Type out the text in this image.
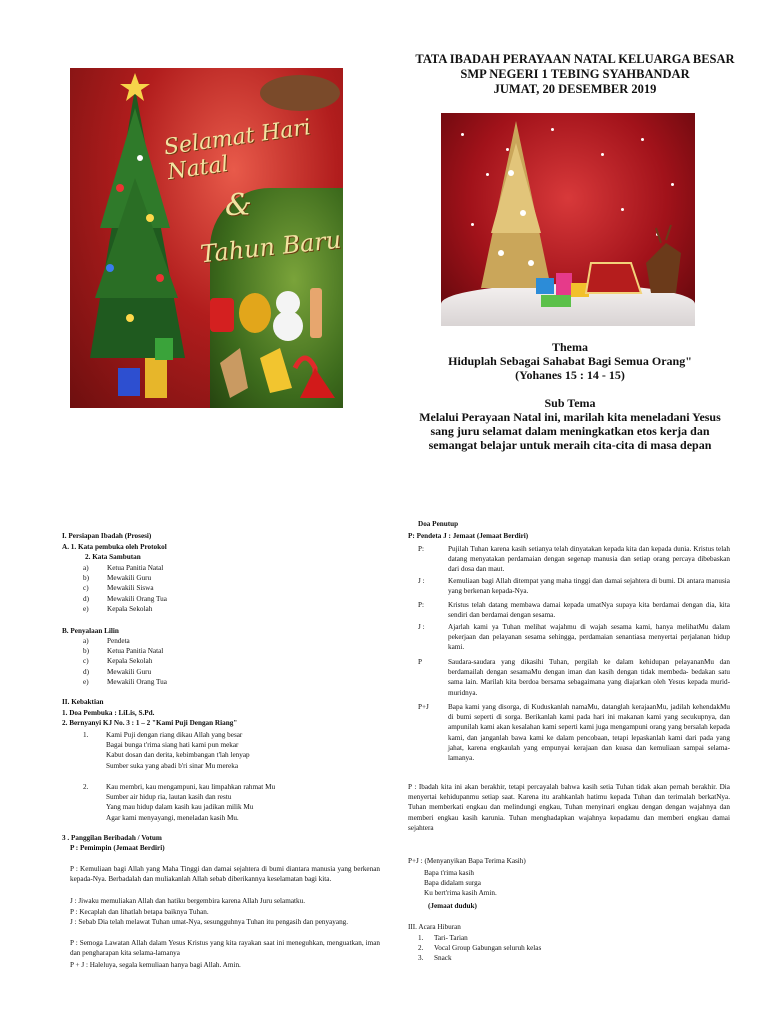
TATA IBADAH PERAYAAN NATAL KELUARGA BESAR
SMP NEGERI 1 TEBING SYAHBANDAR
JUMAT, 20 DESEMBER 2019
Selamat Hari Natal
&
Tahun Baru
Thema
Hiduplah Sebagai Sahabat Bagi Semua Orang"
(Yohanes 15 : 14 - 15)
Sub Tema
Melalui Perayaan Natal ini, marilah kita meneladani Yesus
sang juru selamat dalam meningkatkan etos kerja dan
semangat belajar untuk meraih cita-cita di masa depan
I. Persiapan Ibadah (Prosesi)
A. 1. Kata pembuka oleh Protokol
2. Kata Sambutan
a)	Ketua Panitia Natal
b)	Mewakili Guru
c)	Mewakili Siswa
d)	Mewakili Orang Tua
e)	Kepala Sekolah
B. Penyalaan Lilin
a)	Pendeta
b)	Ketua Panitia Natal
c)	Kepala Sekolah
d)	Mewakili Guru
e)	Mewakili Orang Tua
II. Kebaktian
1. Doa Pembuka : LiLis, S.Pd.
2. Bernyanyi KJ No. 3 : 1 – 2 "Kami Puji Dengan Riang"
1. Kami Puji dengan riang dikau Allah yang besar
Bagai bunga t'rima siang hati kami pun mekar
Kabut dosan dan derita, kebimbangan t'lah lenyap
Sumber suka yang abadi b'ri sinar Mu mereka
2. Kau membri, kau mengampuni, kau limpahkan rahmat Mu
Sumber air hidup ria, lautan kasih dan restu
Yang mau hidup dalam kasih kau jadikan milik Mu
Agar kami menyayangi, meneladan kasih Mu.
3 . Panggilan Beribadah / Votum
P : Pemimpin (Jemaat Berdiri)
P : Kemuliaan bagi Allah yang Maha Tinggi dan damai sejahtera di bumi diantara manusia yang berkenan kepada-Nya. Berbadalah dan muliakanlah Allah sebab diberikannya keselamatan bagi kita.
J : Jiwaku memuliakan Allah dan hatiku bergembira karena Allah Juru selamatku.
P : Kecaplah dan lihatlah betapa baiknya Tuhan.
J : Sebab Dia telah melawat Tuhan umat-Nya, sesungguhnya Tuhan itu pengasih dan penyayang.
P : Semoga Lawatan Allah dalam Yesus Kristus yang kita rayakan saat ini meneguhkan, menguatkan, iman dan pengharapan kita selama-lamanya
P + J : Haleluya, segala kemuliaan hanya bagi Allah. Amin.
Doa Penutup
P: Pendeta J : Jemaat (Jemaat Berdiri)
P:	Pujilah Tuhan karena kasih setianya telah dinyatakan kepada kita dan kepada dunia. Kristus telah datang menyatakan perdamaian dengan segenap manusia dan setiap orang percaya dibebaskan dari dosa dan maut.
J :	Kemuliaan bagi Allah ditempat yang maha tinggi dan damai sejahtera di bumi. Di antara manusia yang berkenan kepada-Nya.
P:	Kristus telah datang membawa damai kepada umatNya supaya kita berdamai dengan dia, kita sendiri dan berdamai dengan sesama.
J :	Ajarlah kami ya Tuhan melihat wajahmu di wajah sesama kami, hanya melihatMu dalam pekerjaan dan pelayanan sesama sehingga, perdamaian senantiasa menyertai perjalanan hidup kami.
P	Saudara-saudara yang dikasihi Tuhan, pergilah ke dalam kehidupan pelayananMu dan berdamailah dengan sesamaMu dengan iman dan kasih dengan tidak membeda- bedakan satu sama lain. Marilah kita berdoa bersama sebagaimana yang diajarkan oleh Yesus kepada murid- muridnya.
P+J	Bapa kami yang disorga, di Kuduskanlah namaMu, datanglah kerajaanMu, jadilah kehendakMu di bumi seperti di sorga. Berikanlah kami pada hari ini makanan kami yang secukupnya, dan ampunilah kami akan kesalahan kami seperti kami juga mengampuni orang yang bersalah kepada kami, dan janganlah bawa kami ke dalam pencobaan, tetapi lepaskanlah kami dari pada yang jahat, karena engkaulah yang empunyai kerajaan dan kuasa dan kemuliaan sampai selama-lamanya.
P : Ibadah kita ini akan berakhir, tetapi percayalah bahwa kasih setia Tuhan tidak akan pernah berakhir. Dia menyertai kehidupanmu setiap saat. Karena itu arahkanlah hatimu kepada Tuhan dan terimalah berkatNya. Tuhan memberkati engkau dan melindungi engkau, Tuhan menyinari engkau dengan dengan wajahnya dan memberi engkau kasih karunia. Tuhan menghadapkan wajahnya kepadamu dan memberi engkau damai sejahtera
P+J : (Menyanyikan Bapa Terima Kasih)
Bapa t'rima kasih
Bapa didalam surga
Ku bert'rima kasih Amin.
(Jemaat duduk)
III. Acara Hiburan
1. Tari- Tarian
2. Vocal Group Gabungan seluruh kelas
3. Snack
